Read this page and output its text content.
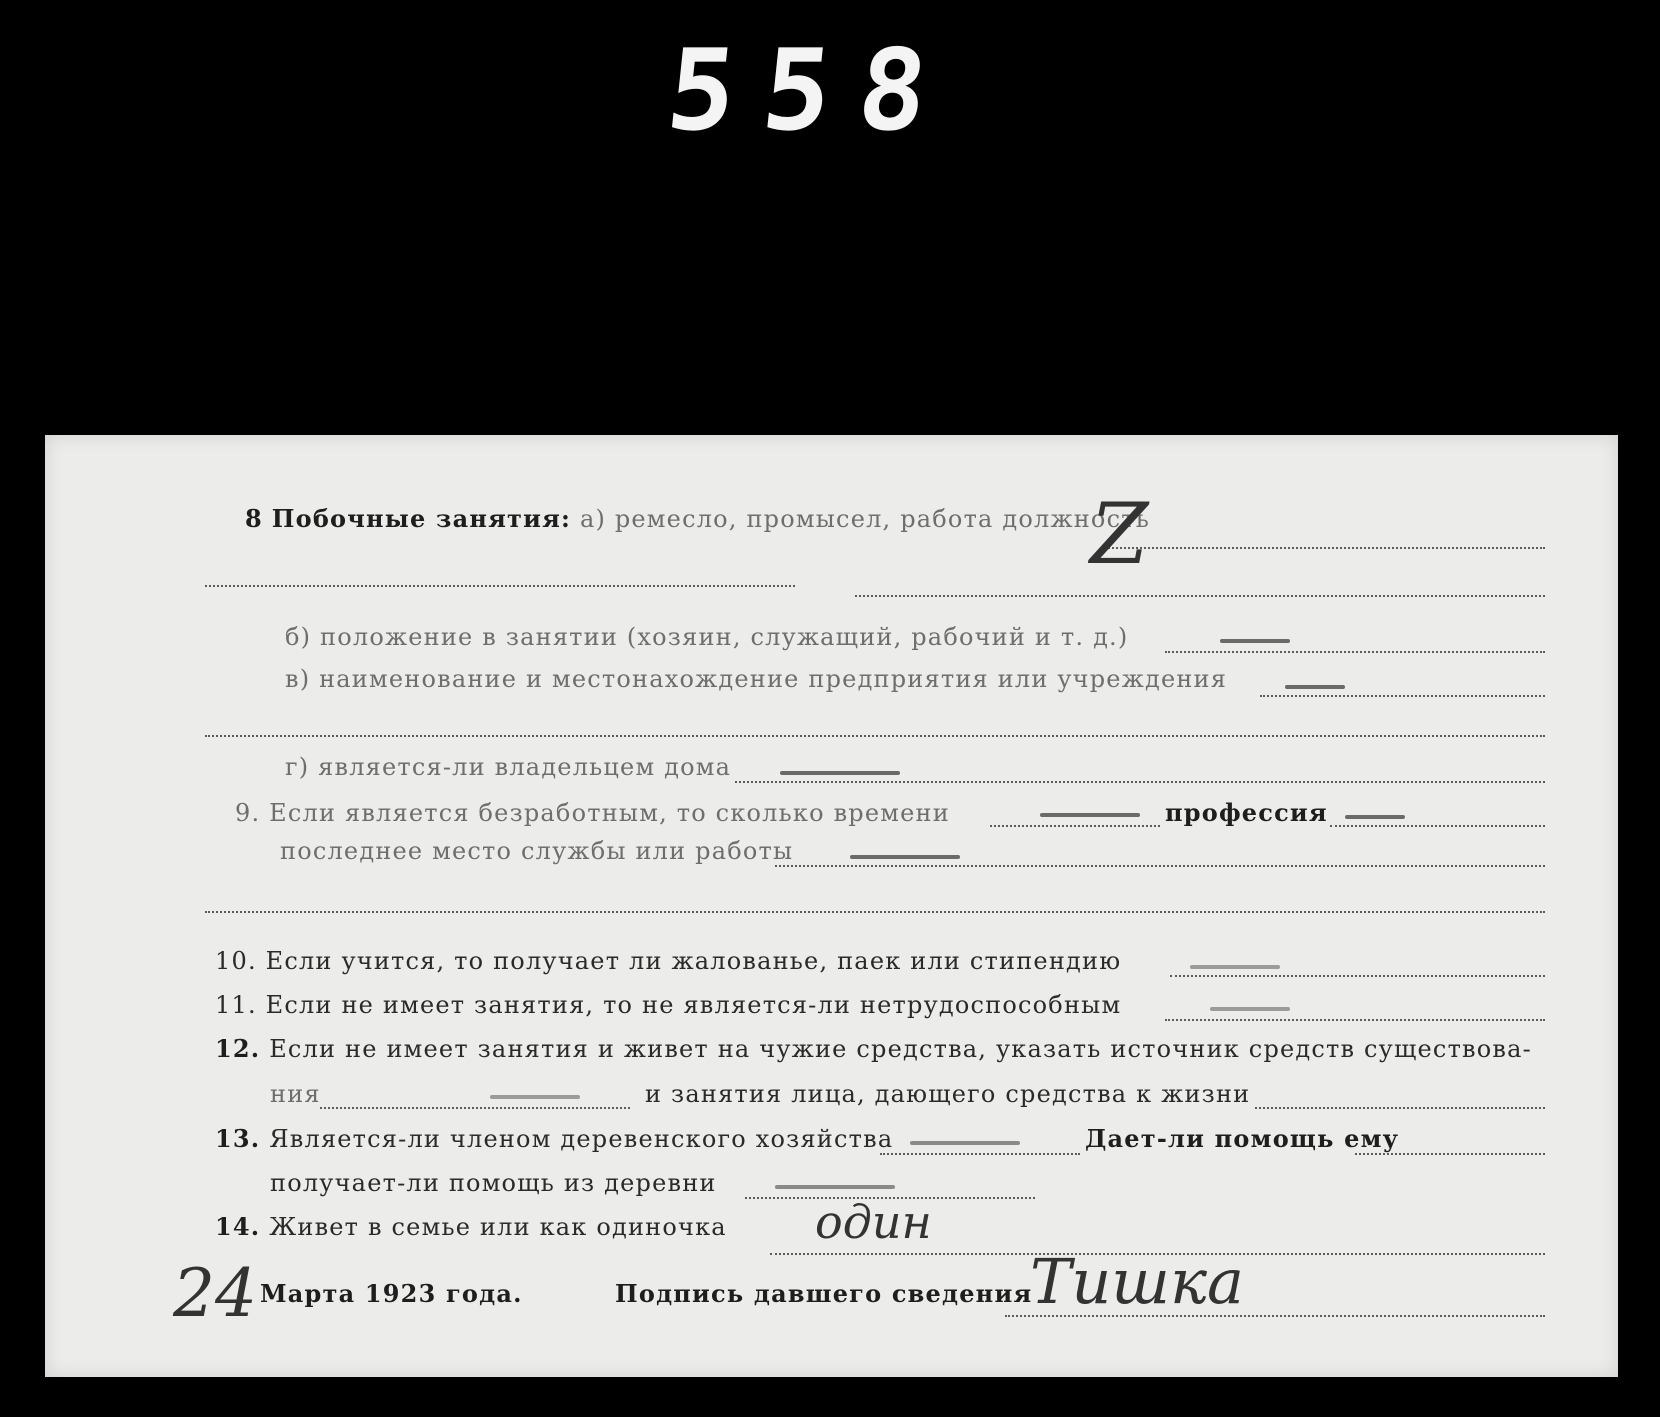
558
8 Побочные занятия: а) ремесло, промысел, работа должность
Z
б) положение в занятии (хозяин, служащий, рабочий и т. д.)
в) наименование и местонахождение предприятия или учреждения
г) является-ли владельцем дома
9. Если является безработным, то сколько времени	профессия
последнее место службы или работы
10. Если учится, то получает ли жалованье, паек или стипендию
11. Если не имеет занятия, то не является-ли нетрудоспособным
12. Если не имеет занятия и живет на чужие средства, указать источник средств существова-
ния	и занятия лица, дающего средства к жизни
13. Является-ли членом деревенского хозяйства	Дает-ли помощь ему
получает-ли помощь из деревни
14. Живет в семье или как одиночка один
24 Марта 1923 года.	Подпись давшего сведения
Тишка
